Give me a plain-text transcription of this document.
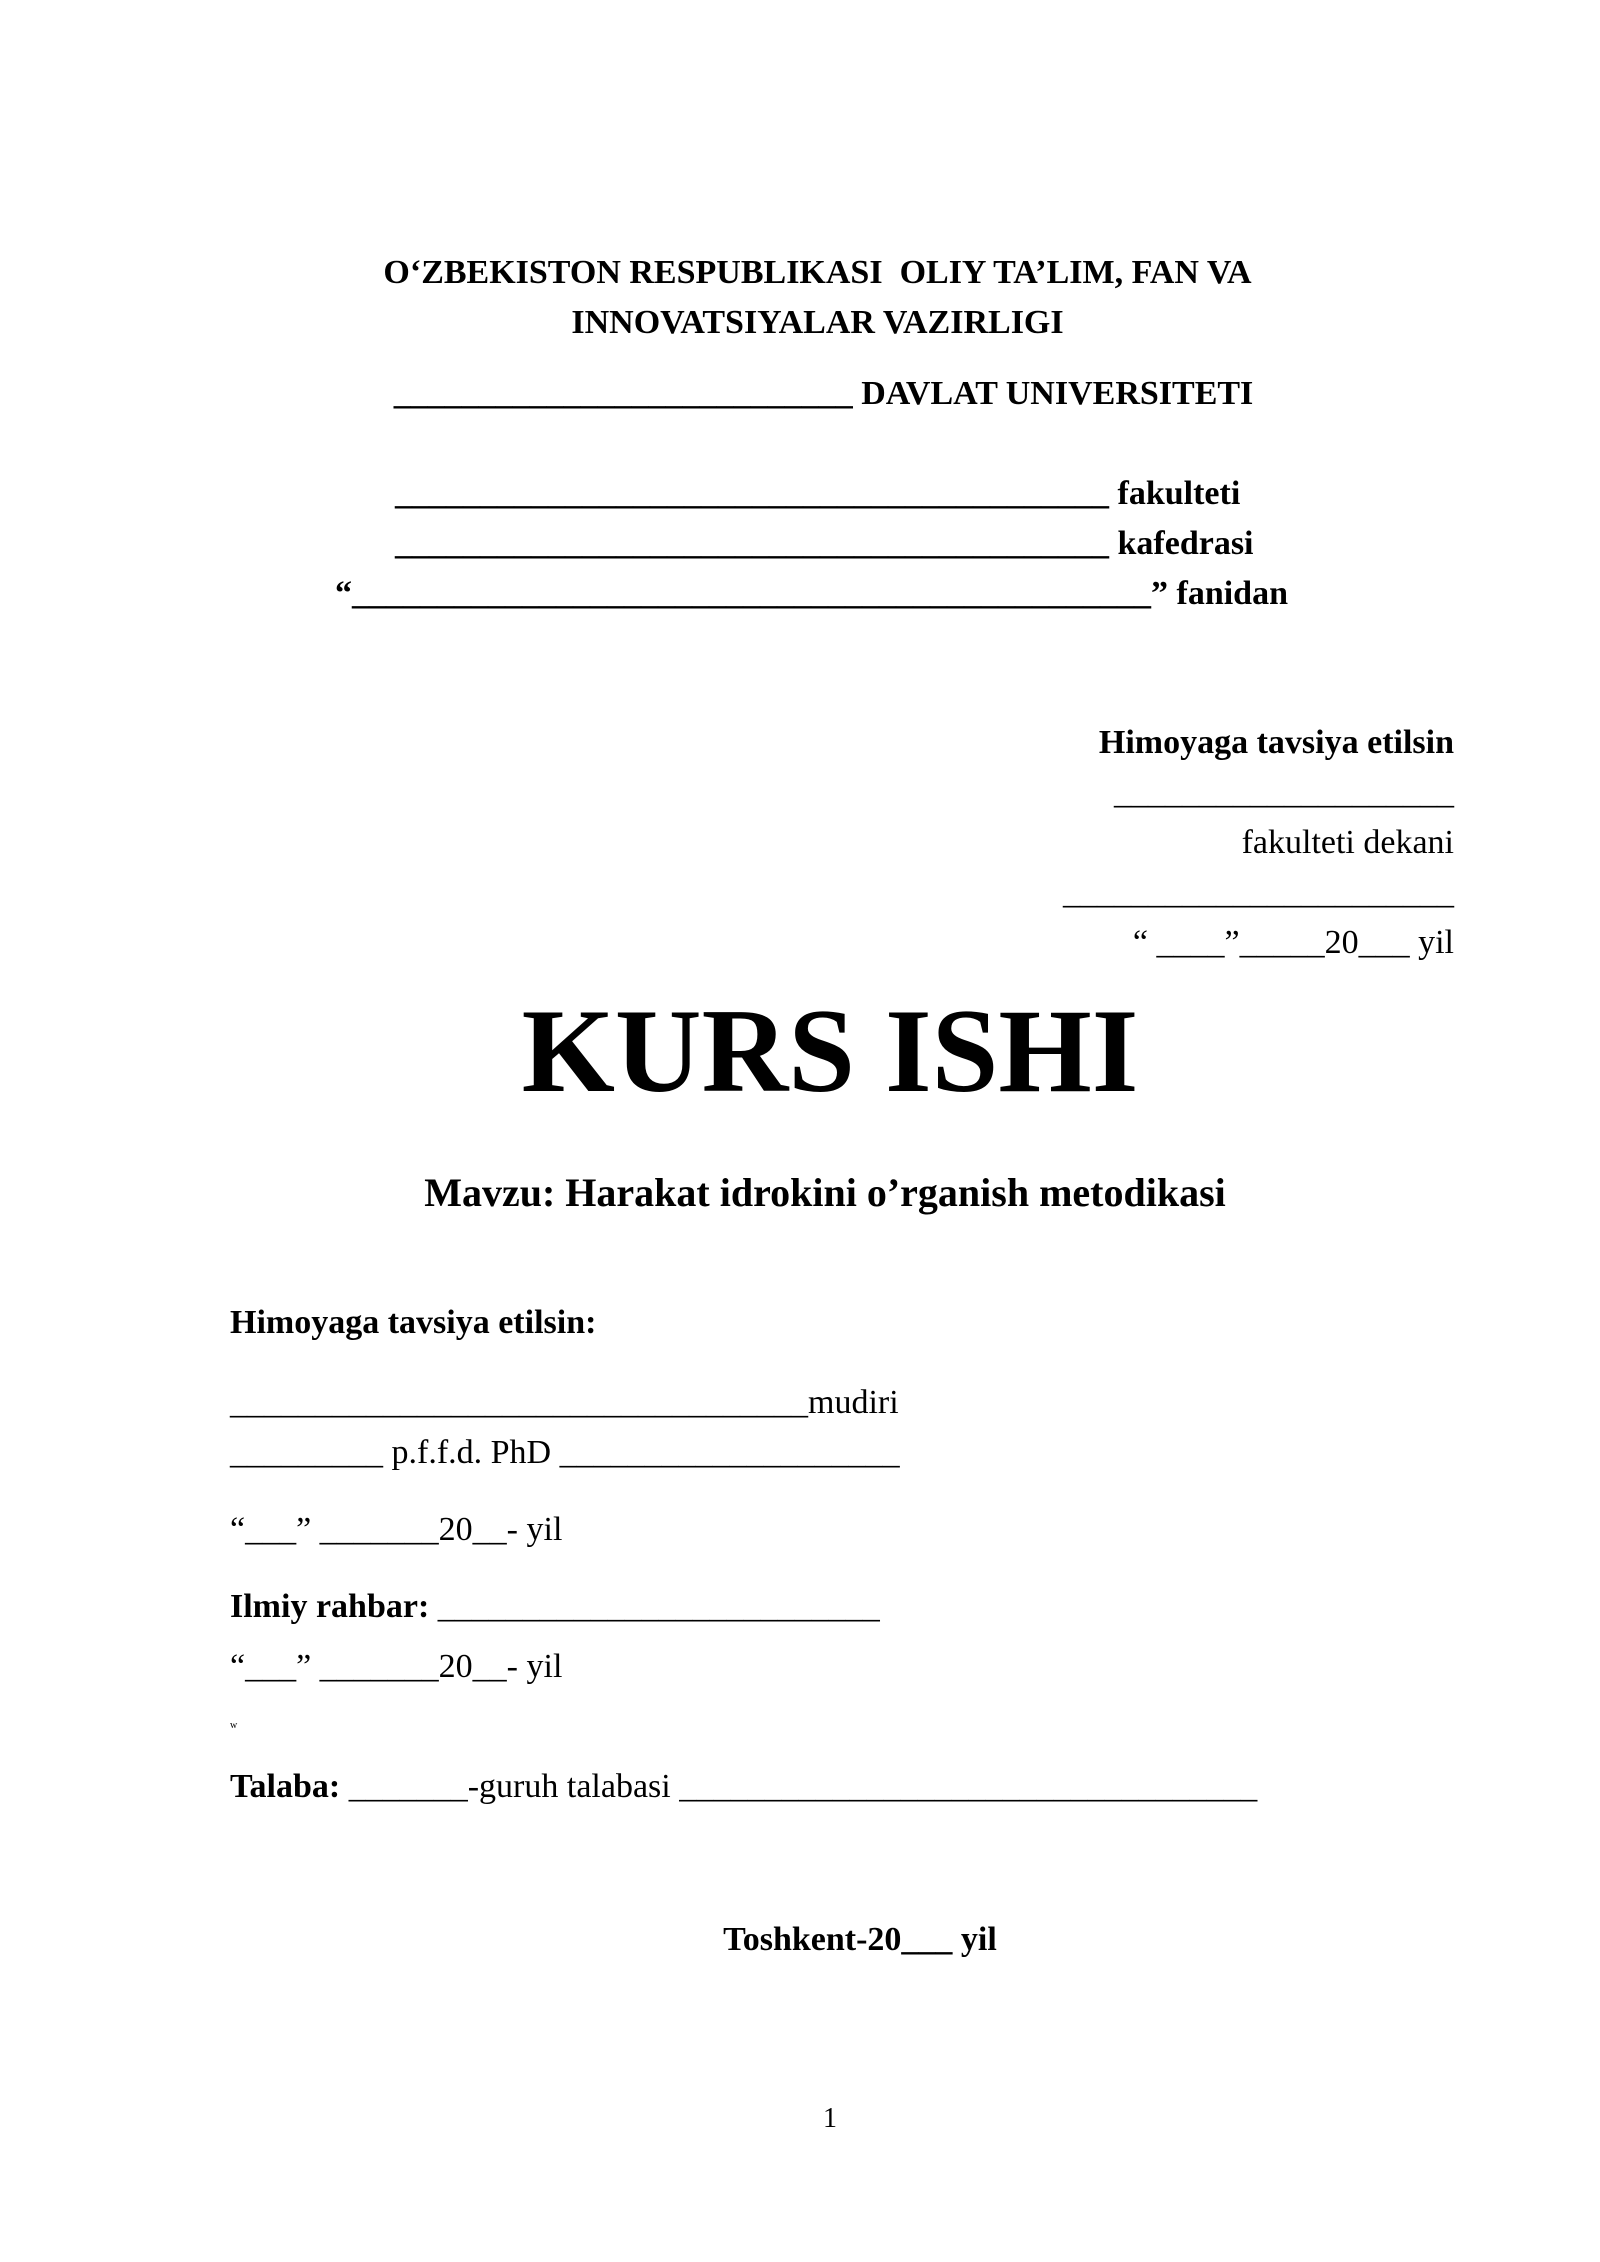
O‘ZBEKISTON RESPUBLIKASI  OLIY TA’LIM, FAN VA
INNOVATSIYALAR VAZIRLIGI
___________________________ DAVLAT UNIVERSITETI
__________________________________________ fakulteti
__________________________________________ kafedrasi
“_______________________________________________” fanidan
Himoyaga tavsiya etilsin
____________________
fakulteti dekani
_______________________
“ ____”_____20___ yil
KURS ISHI
Mavzu: Harakat idrokini o’rganish metodikasi
Himoyaga tavsiya etilsin:
__________________________________mudiri
_________ p.f.f.d. PhD ____________________
“___” _______20__- yil
Ilmiy rahbar: __________________________
“___” _______20__- yil
w
Talaba: _______-guruh talabasi __________________________________
Toshkent-20___ yil
1
